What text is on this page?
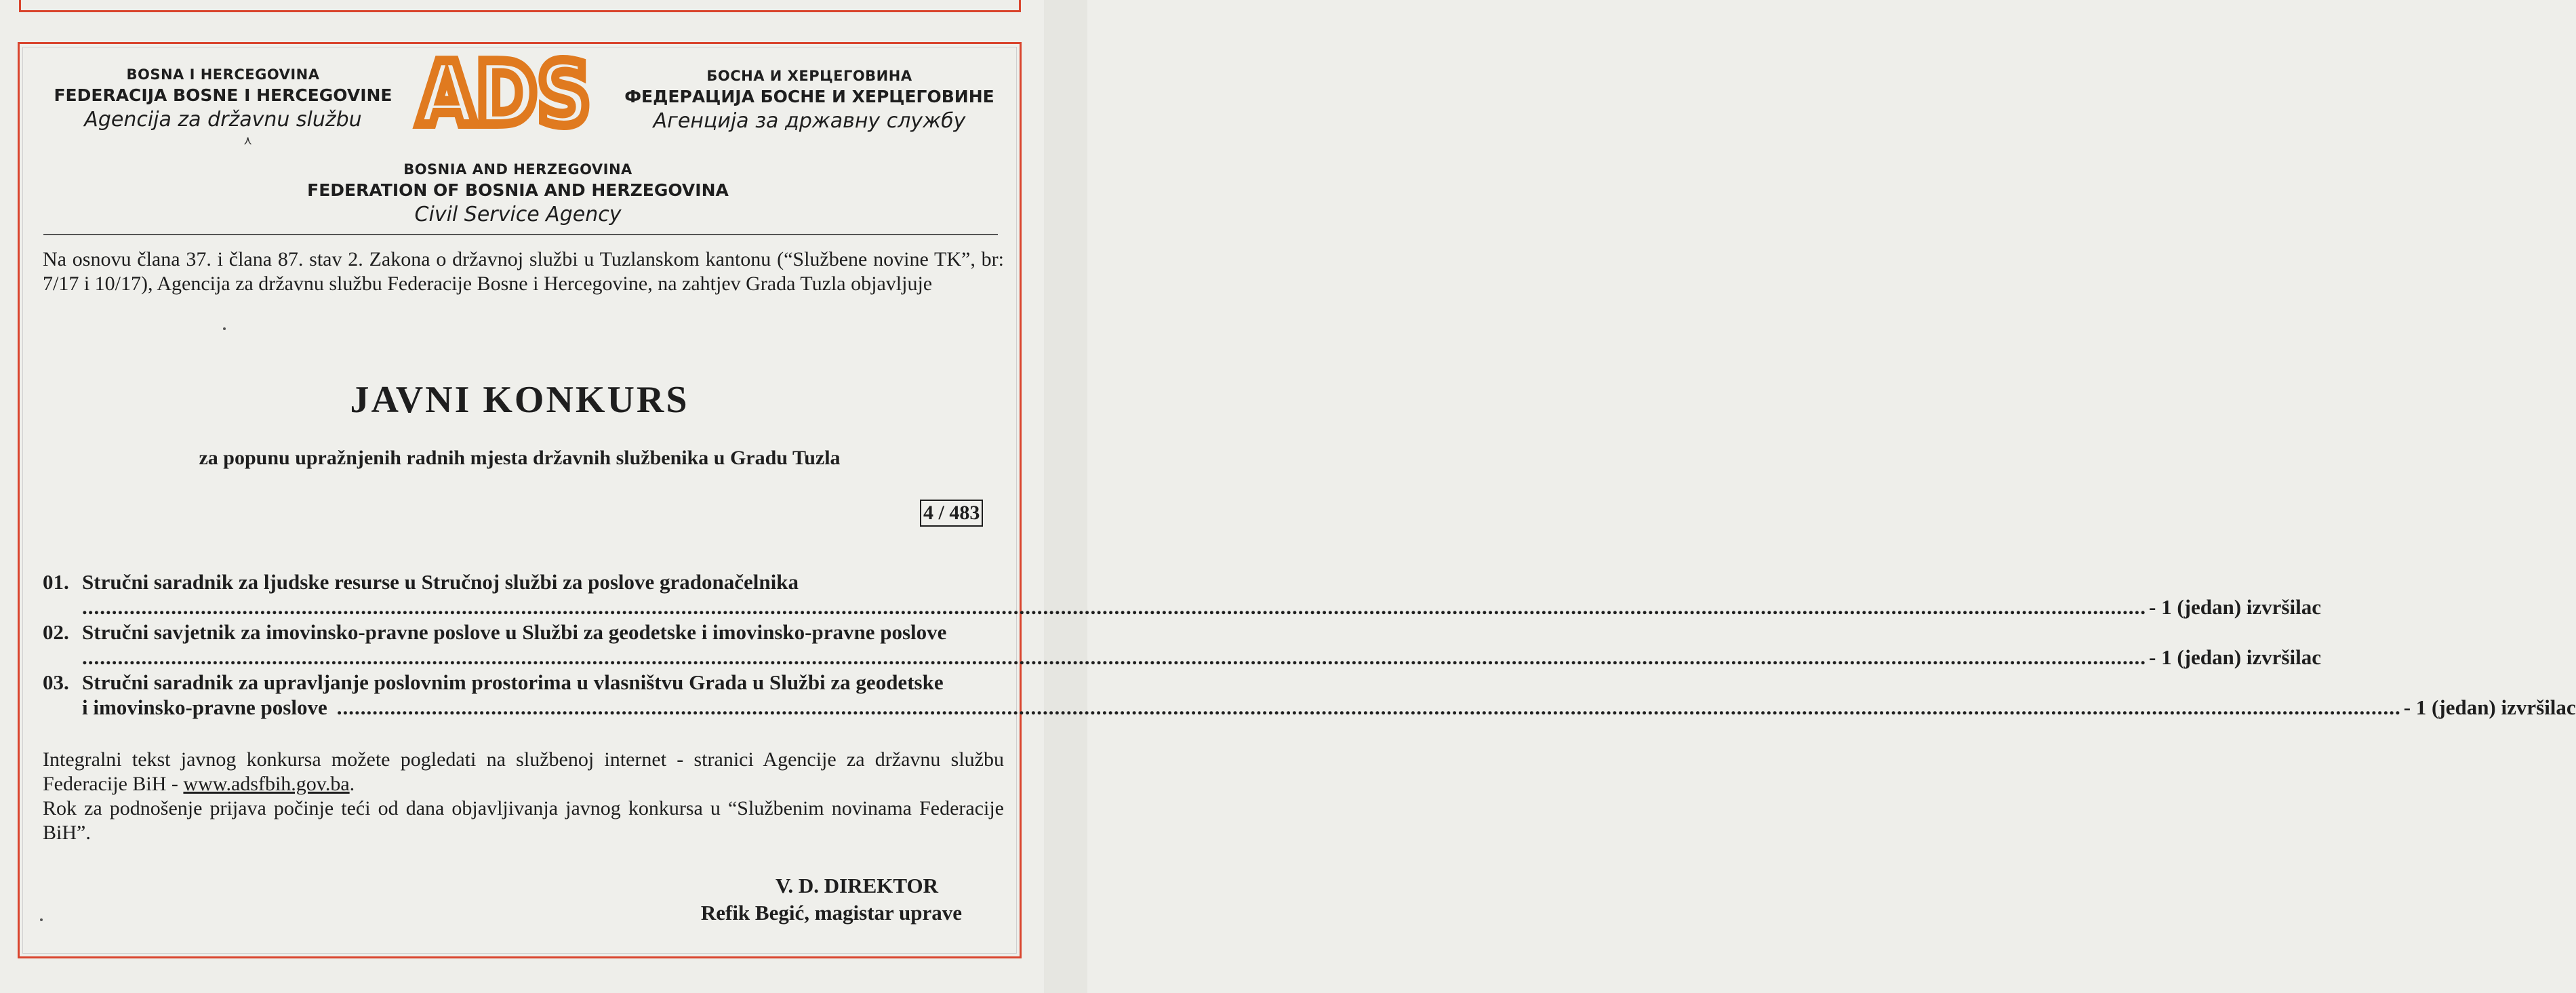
BOSNA I HERCEGOVINA
FEDERACIJA BOSNE I HERCEGOVINE
Agencija za državnu službu ADS
⋏
БОСНА И ХЕРЦЕГОВИНА
ФЕДЕРАЦИЈА БОСНЕ И ХЕРЦЕГОВИНЕ
Агенција за државну службу
BOSNIA AND HERZEGOVINA
FEDERATION OF BOSNIA AND HERZEGOVINA
Civil Service Agency
Na osnovu člana 37. i člana 87. stav 2. Zakona o državnoj službi u Tuzlanskom kantonu (“Službene novine TK”, br: 7/17 i 10/17), Agencija za državnu službu Federacije Bosne i Hercegovine, na zahtjev Grada Tuzla objavljuje
JAVNI KONKURS
za popunu upražnjenih radnih mjesta državnih službenika u Gradu Tuzla
4 / 483
01. Stručni saradnik za ljudske resurse u Stručnoj službi za poslove gradonačelnika
.....
- 1 (jedan) izvršilac
02. Stručni savjetnik za imovinsko-pravne poslove u Službi za geodetske i imovinsko-pravne poslove
.....
- 1 (jedan) izvršilac
03. Stručni saradnik za upravljanje poslovnim prostorima u vlasništvu Grada u Službi za geodetske
i imovinsko-pravne poslove
.....	- 1 (jedan) izvršilac

Integralni tekst javnog konkursa možete pogledati na službenoj internet - stranici Agencije za državnu službu Federacije BiH - www.adsfbih.gov.ba.

Rok za podnošenje prijava počinje teći od dana objavljivanja javnog konkursa u “Službenim novinama Federacije BiH”.

V. D. DIREKTOR
Refik Begić, magistar uprave
